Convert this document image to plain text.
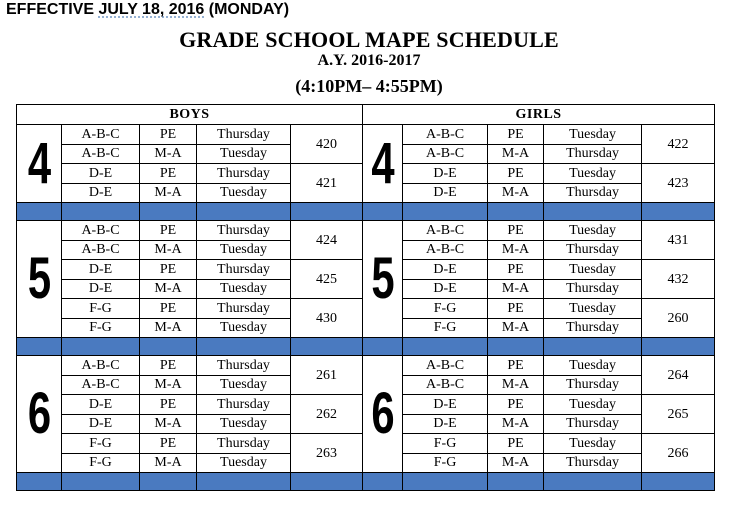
EFFECTIVE JULY 18, 2016 (MONDAY)
GRADE SCHOOL MAPE SCHEDULE
A.Y. 2016-2017
(4:10PM– 4:55PM)
BOYS					GIRLS				
4	A-B-C	PE	Thursday	420	4	A-B-C	PE	Tuesday	422
	A-B-C	M-A	Tuesday			A-B-C	M-A	Thursday	
	D-E	PE	Thursday	421		D-E	PE	Tuesday	423
	D-E	M-A	Tuesday			D-E	M-A	Thursday	

5	A-B-C	PE	Thursday	424	5	A-B-C	PE	Tuesday	431
	A-B-C	M-A	Tuesday			A-B-C	M-A	Thursday	
	D-E	PE	Thursday	425		D-E	PE	Tuesday	432
	D-E	M-A	Tuesday			D-E	M-A	Thursday	
	F-G	PE	Thursday	430		F-G	PE	Tuesday	260
	F-G	M-A	Tuesday			F-G	M-A	Thursday	

6	A-B-C	PE	Thursday	261	6	A-B-C	PE	Tuesday	264
	A-B-C	M-A	Tuesday			A-B-C	M-A	Thursday	
	D-E	PE	Thursday	262		D-E	PE	Tuesday	265
	D-E	M-A	Tuesday			D-E	M-A	Thursday	
	F-G	PE	Thursday	263		F-G	PE	Tuesday	266
	F-G	M-A	Tuesday			F-G	M-A	Thursday	
